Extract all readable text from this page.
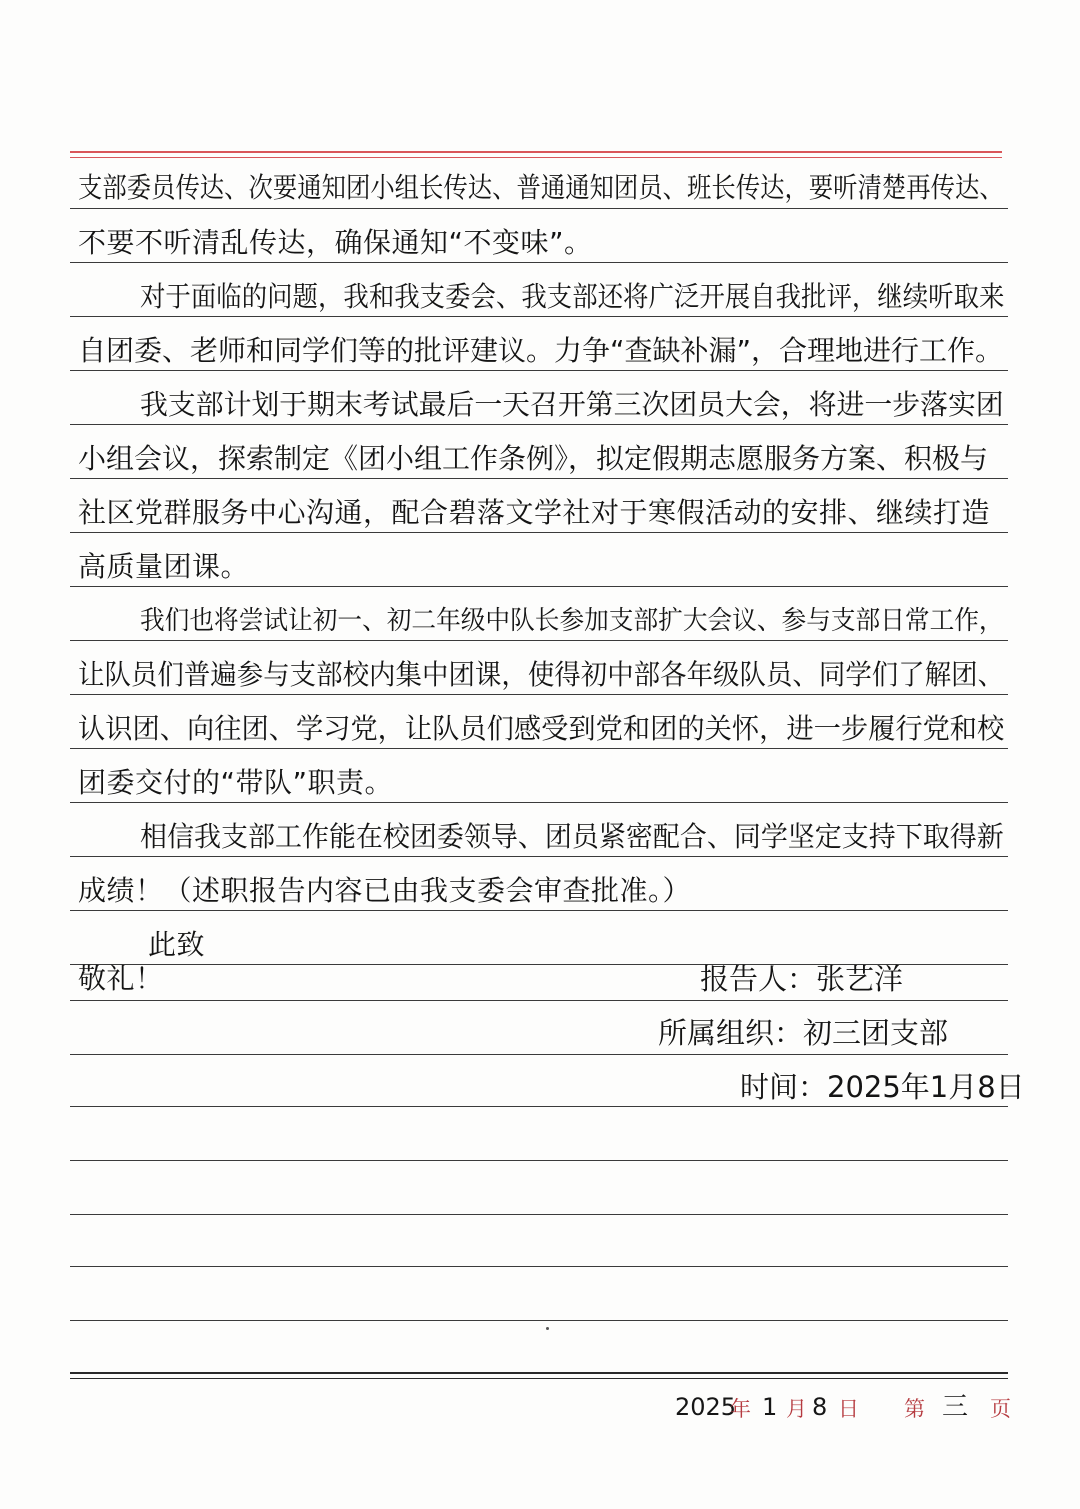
支部委员传达、次要通知团小组长传达、普通通知团员、班长传达，要听清楚再传达、
不要不听清乱传达，确保通知“不变味”。
对于面临的问题，我和我支委会、我支部还将广泛开展自我批评，继续听取来
自团委、老师和同学们等的批评建议。力争“查缺补漏”，合理地进行工作。
我支部计划于期末考试最后一天召开第三次团员大会，将进一步落实团
小组会议，探索制定《团小组工作条例》，拟定假期志愿服务方案、积极与
社区党群服务中心沟通，配合碧落文学社对于寒假活动的安排、继续打造
高质量团课。
我们也将尝试让初一、初二年级中队长参加支部扩大会议、参与支部日常工作，
让队员们普遍参与支部校内集中团课，使得初中部各年级队员、同学们了解团、
认识团、向往团、学习党，让队员们感受到党和团的关怀，进一步履行党和校
团委交付的“带队”职责。
相信我支部工作能在校团委领导、团员紧密配合、同学坚定支持下取得新
成绩！（述职报告内容已由我支委会审查批准。）
此致
敬礼！	报告人：张艺洋
所属组织：初三团支部
时间：2025年1月8日
2025
年 1 月 8 日 第 三 页
